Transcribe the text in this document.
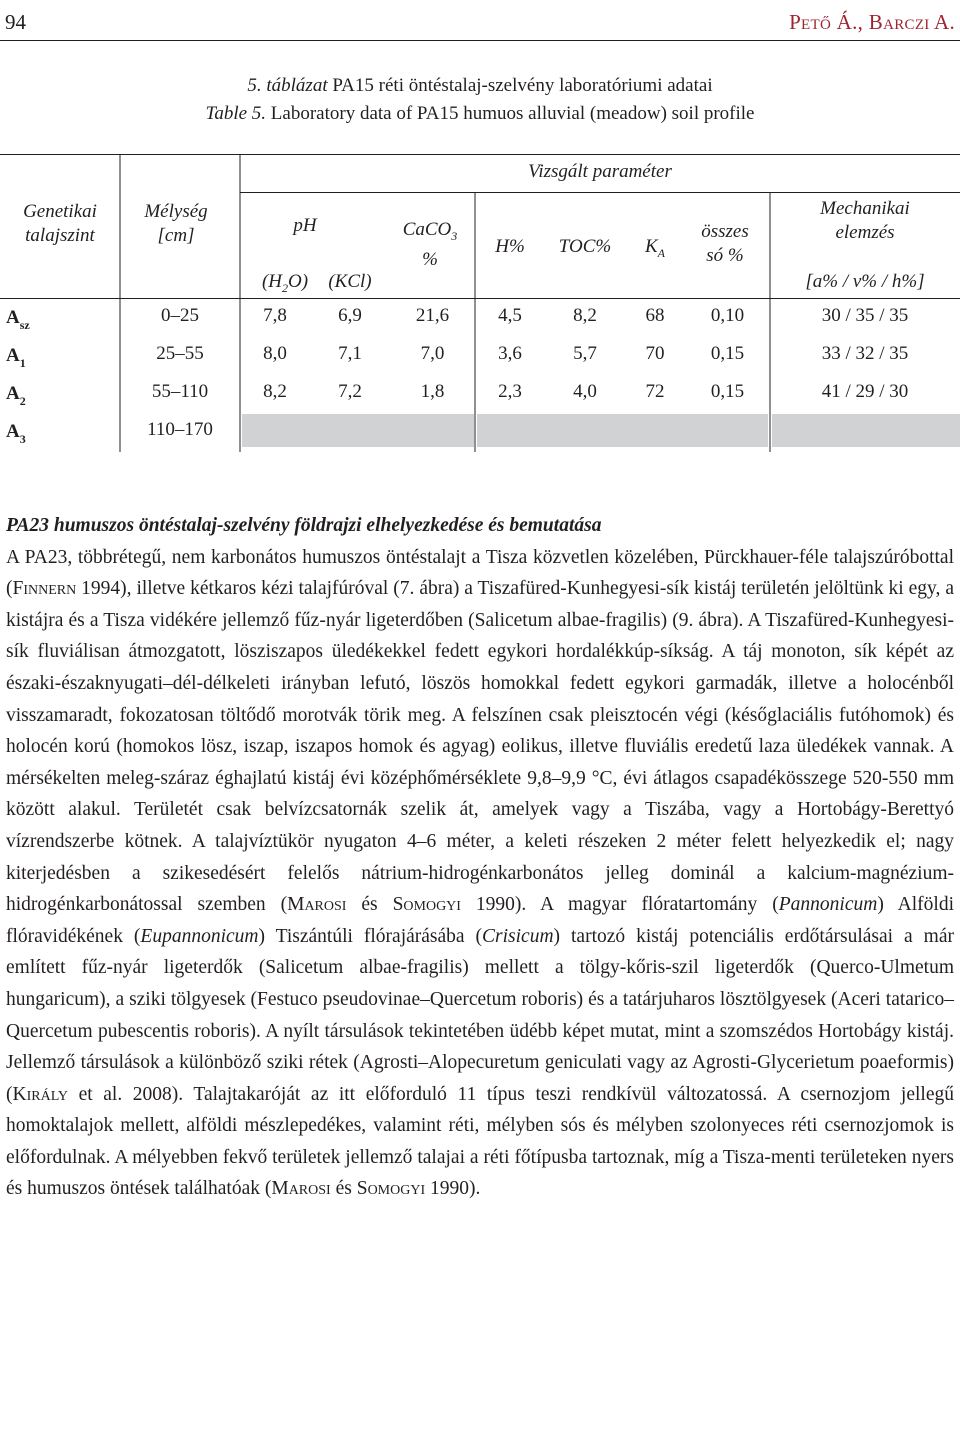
94	Pető Á., Barczi A.
5. táblázat PA15 réti öntéstalaj-szelvény laboratóriumi adatai
Table 5. Laboratory data of PA15 humuos alluvial (meadow) soil profile
Genetikai
talajszint
Mélység
[cm]
Vizsgált paraméter
pH
$(H_2O)$	(KCl)
CaCO$_3$
%
H%	TOC%	$K_A$
összes
só %
Mechanikai
elemzés
[a% / v% / h%]
$A_{sz}$	0–25	7,8	6,9	21,6	4,5	8,2	68	0,10	30 / 35 / 35
$A_1$	25–55	8,0	7,1	7,0	3,6	5,7	70	0,15	33 / 32 / 35
$A_2$	55–110	8,2	7,2	1,8	2,3	4,0	72	0,15	41 / 29 / 30
$A_3$	110–170

PA23 humuszos öntéstalaj-szelvény földrajzi elhelyezkedése és bemutatása

A PA23, többrétegű, nem karbonátos humuszos öntéstalajt a Tisza közvetlen közelében, Pürckhauer-féle talajszúróbottal (Finnern 1994), illetve kétkaros kézi talajfúróval (7. ábra) a Tiszafüred-Kunhegyesi-sík kistáj területén jelöltünk ki egy, a kistájra és a Tisza vidékére jellemző fűz-nyár ligeterdőben (Salicetum albae-fragilis) (9. ábra). A Tiszafüred-Kunhegyesi-sík fluviálisan átmozgatott, lösziszapos üledékekkel fedett egykori hordalékkúp-síkság. A táj monoton, sík képét az északi-északnyugati–dél-délkeleti irányban lefutó, löszös homokkal fedett egykori garmadák, illetve a holocénből visszamaradt, fokozatosan töltődő morotvák törik meg. A felszínen csak pleisztocén végi (későglaciális futóhomok) és holocén korú (homokos lösz, iszap, iszapos homok és agyag) eolikus, illetve fluviális eredetű laza üledékek vannak. A mérsékelten meleg-száraz éghajlatú kistáj évi középhőmérséklete 9,8–9,9 °C, évi átlagos csapadékösszege 520-550 mm között alakul. Területét csak belvízcsatornák szelik át, amelyek vagy a Tiszába, vagy a Hortobágy-Berettyó vízrendszerbe kötnek. A talajvíztükör nyugaton 4–6 méter, a keleti részeken 2 méter felett helyezkedik el; nagy kiterjedésben a szikesedésért felelős nátrium-hidrogénkarbonátos jelleg dominál a kalcium-magnézium-hidrogénkarbonátossal szemben (Marosi és Somogyi 1990). A magyar flóratartomány (Pannonicum) Alföldi flóravidékének (Eupannonicum) Tiszántúli flórajárásába (Crisicum) tartozó kistáj potenciális erdőtársulásai a már említett fűz-nyár ligeterdők (Salicetum albae-fragilis) mellett a tölgy-kőris-szil ligeterdők (Querco-Ulmetum hungaricum), a sziki tölgyesek (Festuco pseudovinae–Quercetum roboris) és a tatárjuharos lösztölgyesek (Aceri tatarico–Quercetum pubescentis roboris). A nyílt társulások tekintetében üdébb képet mutat, mint a szomszédos Hortobágy kistáj. Jellemző társulások a különböző sziki rétek (Agrosti–Alopecuretum geniculati vagy az Agrosti-Glycerietum poaeformis) (Király et al. 2008). Talajtakaróját az itt előforduló 11 típus teszi rendkívül változatossá. A csernozjom jellegű homoktalajok mellett, alföldi mészlepedékes, valamint réti, mélyben sós és mélyben szolonyeces réti csernozjomok is előfordulnak. A mélyebben fekvő területek jellemző talajai a réti főtípusba tartoznak, míg a Tisza-menti területeken nyers és humuszos öntések találhatóak (Marosi és Somogyi 1990).
